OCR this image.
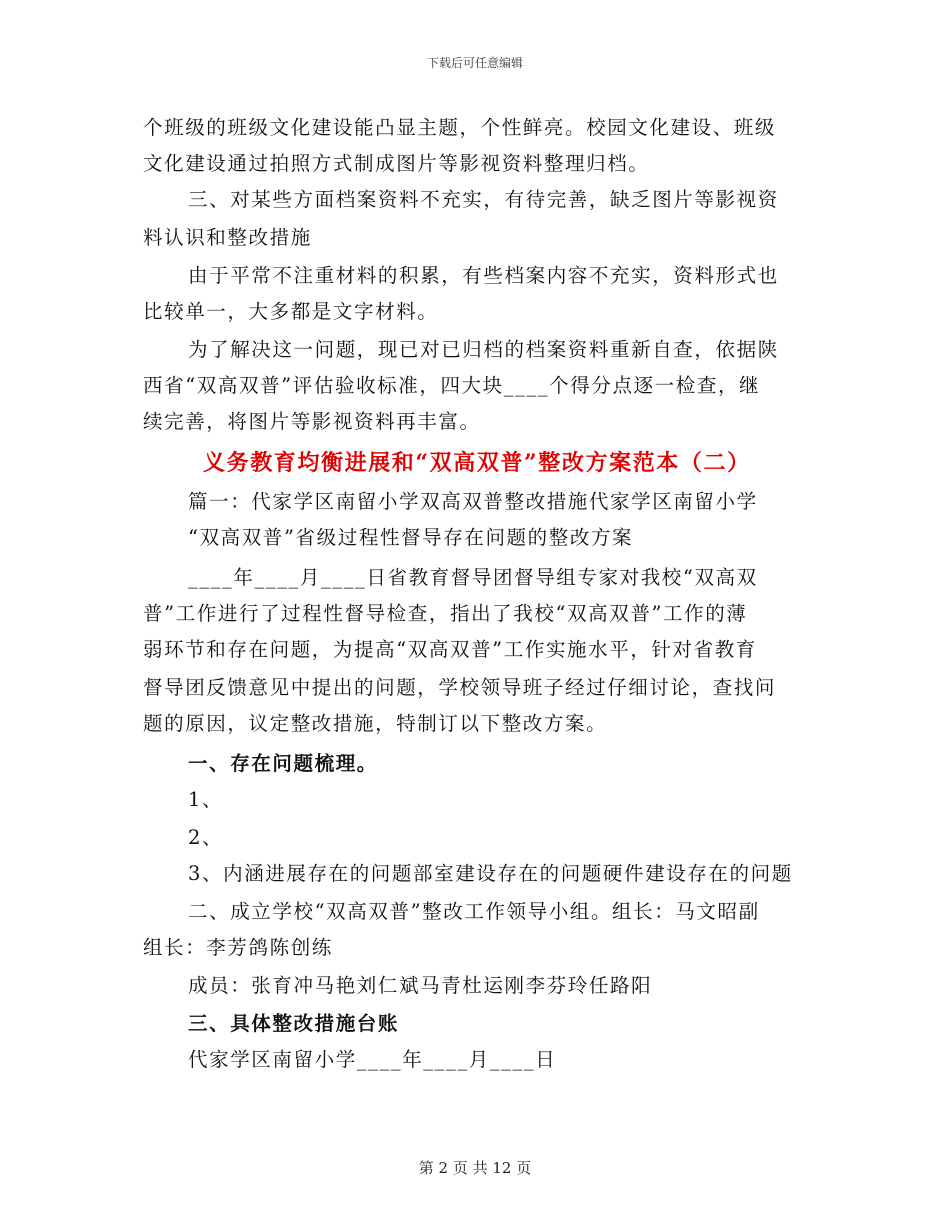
下载后可任意编辑
个班级的班级文化建设能凸显主题，个性鲜亮。校园文化建设、班级
文化建设通过拍照方式制成图片等影视资料整理归档。
三、对某些方面档案资料不充实，有待完善，缺乏图片等影视资
料认识和整改措施
由于平常不注重材料的积累，有些档案内容不充实，资料形式也
比较单一，大多都是文字材料。
为了解决这一问题，现已对已归档的档案资料重新自查，依据陕
西省“双高双普”评估验收标准，四大块____个得分点逐一检查，继
续完善，将图片等影视资料再丰富。
义务教育均衡进展和“双高双普”整改方案范本（二）
篇一：代家学区南留小学双高双普整改措施代家学区南留小学
“双高双普”省级过程性督导存在问题的整改方案
____年____月____日省教育督导团督导组专家对我校“双高双
普”工作进行了过程性督导检查，指出了我校“双高双普”工作的薄
弱环节和存在问题，为提高“双高双普”工作实施水平，针对省教育
督导团反馈意见中提出的问题，学校领导班子经过仔细讨论，查找问
题的原因，议定整改措施，特制订以下整改方案。
一、存在问题梳理。
1、
2、
3、内涵进展存在的问题部室建设存在的问题硬件建设存在的问题
二、成立学校“双高双普”整改工作领导小组。组长：马文昭副
组长：李芳鸽陈创练
成员：张育冲马艳刘仁斌马青杜运刚李芬玲任路阳
三、具体整改措施台账
代家学区南留小学____年____月____日
第 2 页 共 12 页
